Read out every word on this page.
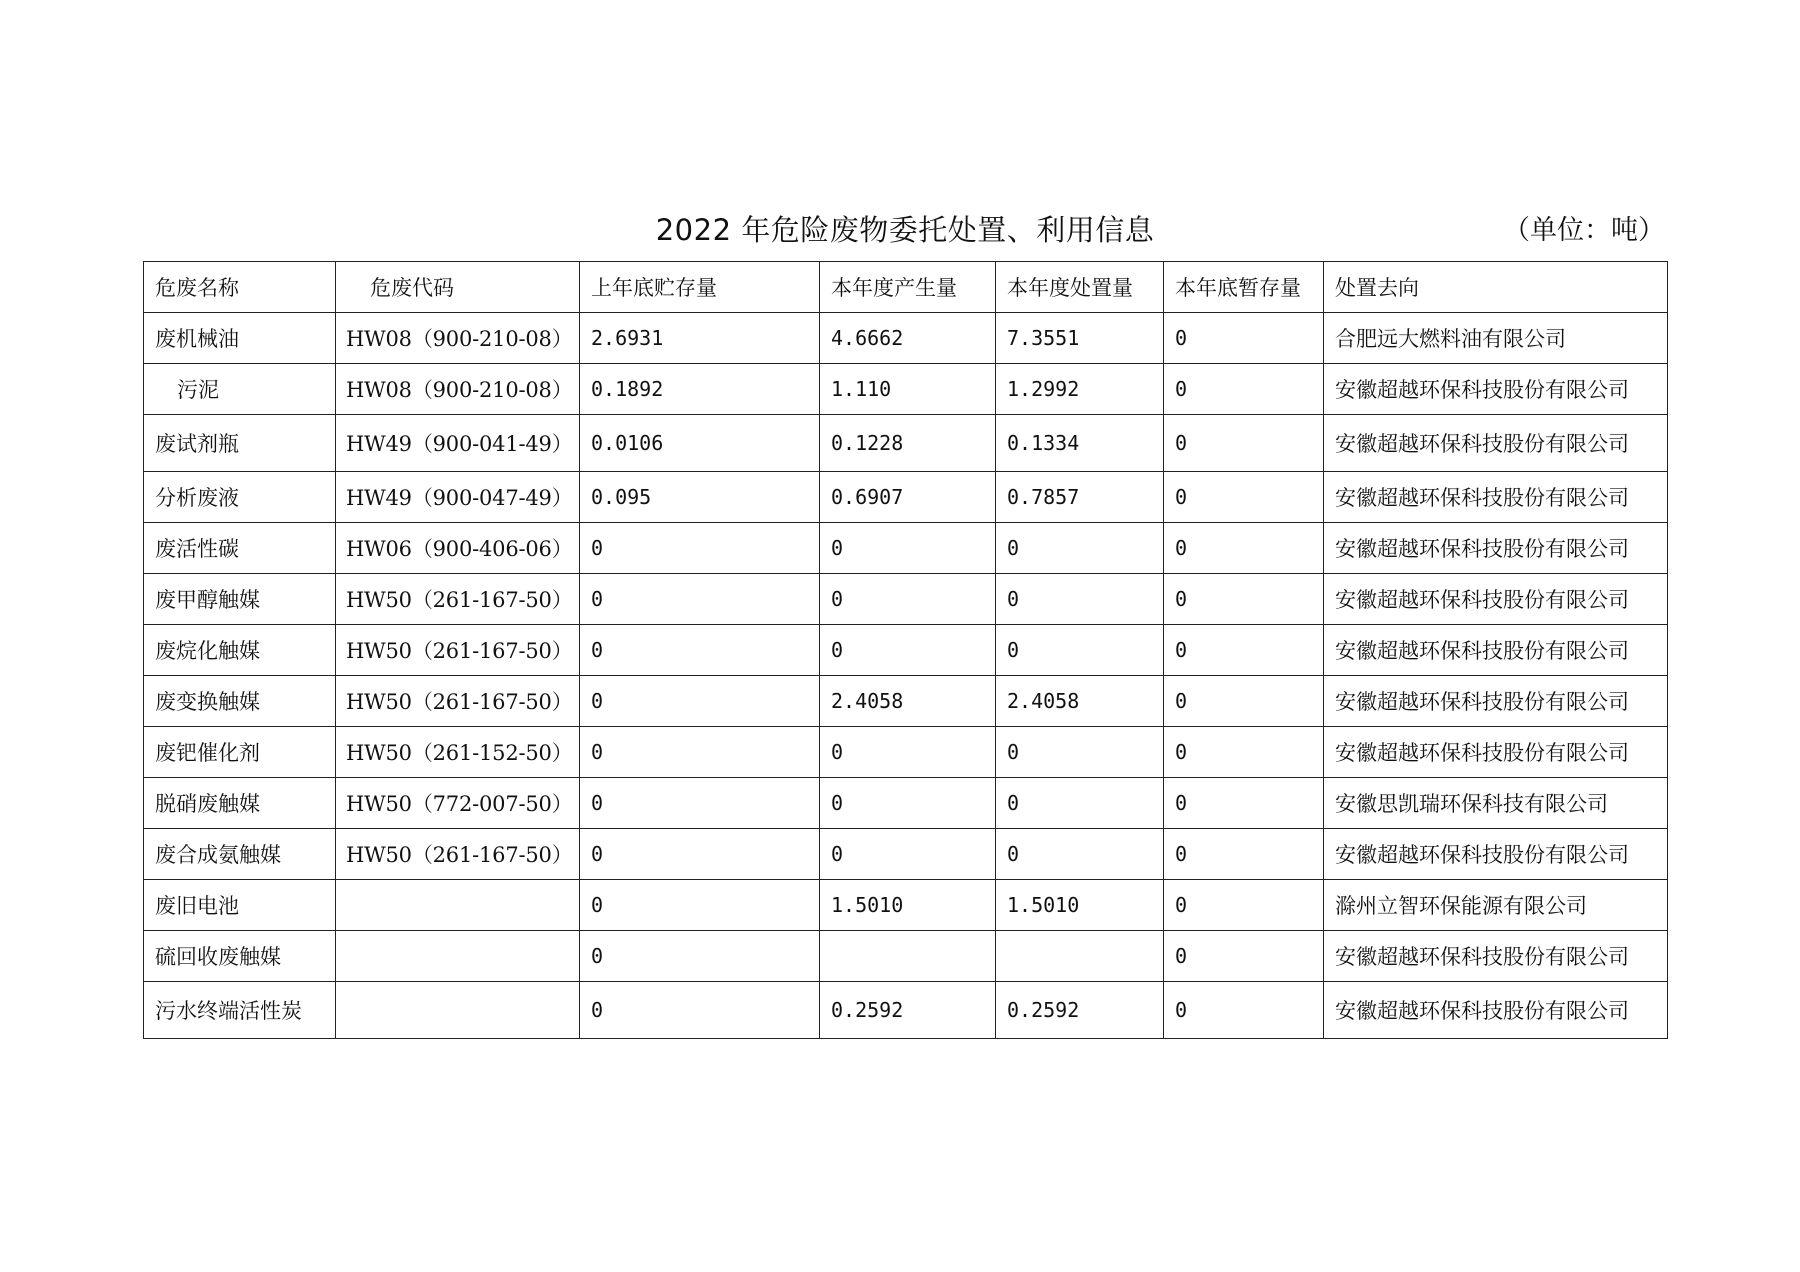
2022 年危险废物委托处置、利用信息	（单位：吨）
危废名称	危废代码	上年底贮存量	本年度产生量	本年度处置量	本年底暂存量	处置去向
废机械油	HW08（900-210-08）	2.6931	4.6662	7.3551	0	合肥远大燃料油有限公司
污泥	HW08（900-210-08）	0.1892	1.110	1.2992	0	安徽超越环保科技股份有限公司
废试剂瓶	HW49（900-041-49）	0.0106	0.1228	0.1334	0	安徽超越环保科技股份有限公司
分析废液	HW49（900-047-49）	0.095	0.6907	0.7857	0	安徽超越环保科技股份有限公司
废活性碳	HW06（900-406-06）	0	0	0	0	安徽超越环保科技股份有限公司
废甲醇触媒	HW50（261-167-50）	0	0	0	0	安徽超越环保科技股份有限公司
废烷化触媒	HW50（261-167-50）	0	0	0	0	安徽超越环保科技股份有限公司
废变换触媒	HW50（261-167-50）	0	2.4058	2.4058	0	安徽超越环保科技股份有限公司
废钯催化剂	HW50（261-152-50）	0	0	0	0	安徽超越环保科技股份有限公司
脱硝废触媒	HW50（772-007-50）	0	0	0	0	安徽思凯瑞环保科技有限公司
废合成氨触媒	HW50（261-167-50）	0	0	0	0	安徽超越环保科技股份有限公司
废旧电池		0	1.5010	1.5010	0	滁州立智环保能源有限公司
硫回收废触媒		0			0	安徽超越环保科技股份有限公司
污水终端活性炭		0	0.2592	0.2592	0	安徽超越环保科技股份有限公司
